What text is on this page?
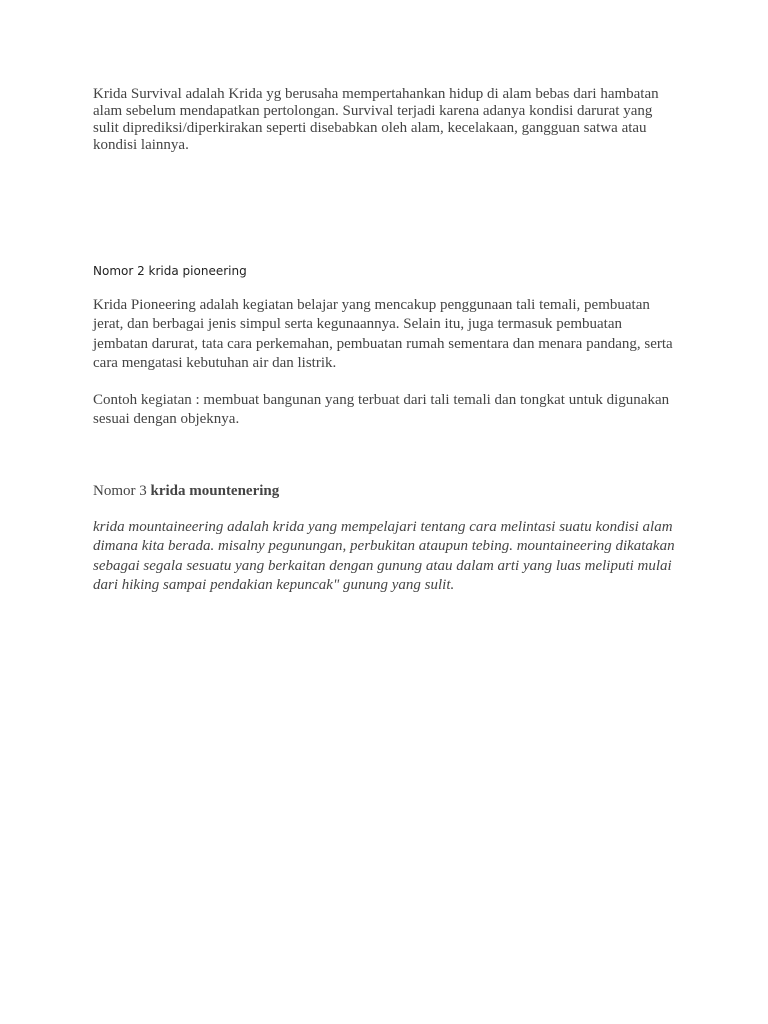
Krida Survival adalah Krida yg berusaha mempertahankan hidup di alam bebas dari hambatan alam sebelum mendapatkan pertolongan. Survival terjadi karena adanya kondisi darurat yang sulit diprediksi/diperkirakan seperti disebabkan oleh alam, kecelakaan, gangguan satwa atau kondisi lainnya.

Nomor 2 krida pioneering

Krida Pioneering adalah kegiatan belajar yang mencakup penggunaan tali temali, pembuatan jerat, dan berbagai jenis simpul serta kegunaannya. Selain itu, juga termasuk pembuatan jembatan darurat, tata cara perkemahan, pembuatan rumah sementara dan menara pandang, serta cara mengatasi kebutuhan air dan listrik.

Contoh kegiatan : membuat bangunan yang terbuat dari tali temali dan tongkat untuk digunakan sesuai dengan objeknya.

Nomor 3 krida mountenering

krida mountaineering adalah krida yang mempelajari tentang cara melintasi suatu kondisi alam dimana kita berada. misalny pegunungan, perbukitan ataupun tebing. mountaineering dikatakan sebagai segala sesuatu yang berkaitan dengan gunung atau dalam arti yang luas meliputi mulai dari hiking sampai pendakian kepuncak" gunung yang sulit.
